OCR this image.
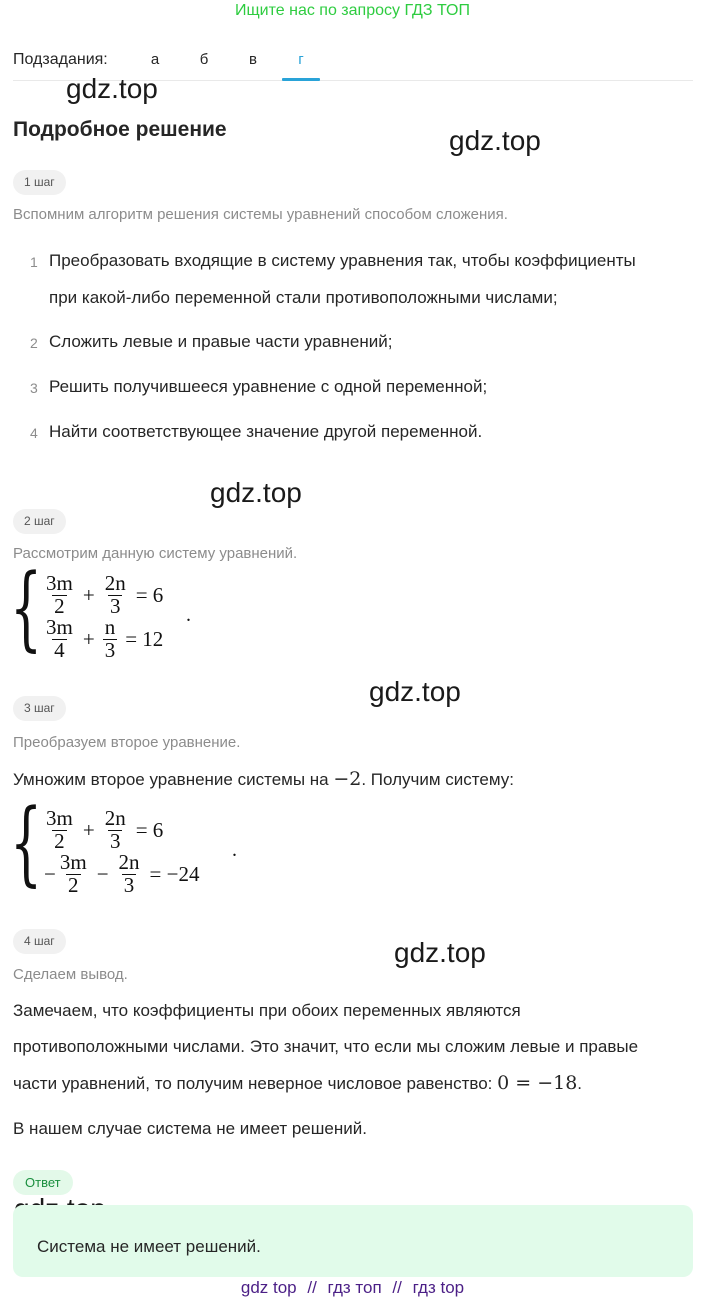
Ищите нас по запросу ГДЗ ТОП
Подзадания:	а	б	в	г
gdz.top
gdz.top
gdz.top
gdz.top
gdz.top
Подробное решение
1 шаг
Вспомним алгоритм решения системы уравнений способом сложения.
1 Преобразовать входящие в систему уравнения так, чтобы коэффициенты
при какой-либо переменной стали противоположными числами;
2 Сложить левые и правые части уравнений;
3 Решить получившееся уравнение с одной переменной;
4 Найти соответствующее значение другой переменной.
2 шаг
Рассмотрим данную систему уравнений.
{ $\frac{3m}{2} + \frac{2n}{3} = 6$
$\frac{3m}{4} + \frac{n}{3} = 12$
.
3 шаг
Преобразуем второе уравнение.
Умножим второе уравнение системы на −2. Получим систему:
{ $\frac{3m}{2} + \frac{2n}{3} = 6$
− $\frac{3m}{2} - \frac{2n}{3} = -24$
.
4 шаг
Сделаем вывод.
Замечаем, что коэффициенты при обоих переменных являются
противоположными числами. Это значит, что если мы сложим левые и правые
части уравнений, то получим неверное числовое равенство: 0 = −18.
В нашем случае система не имеет решений.
Ответ
Система не имеет решений.
gdz top // гдз топ // гдз top
